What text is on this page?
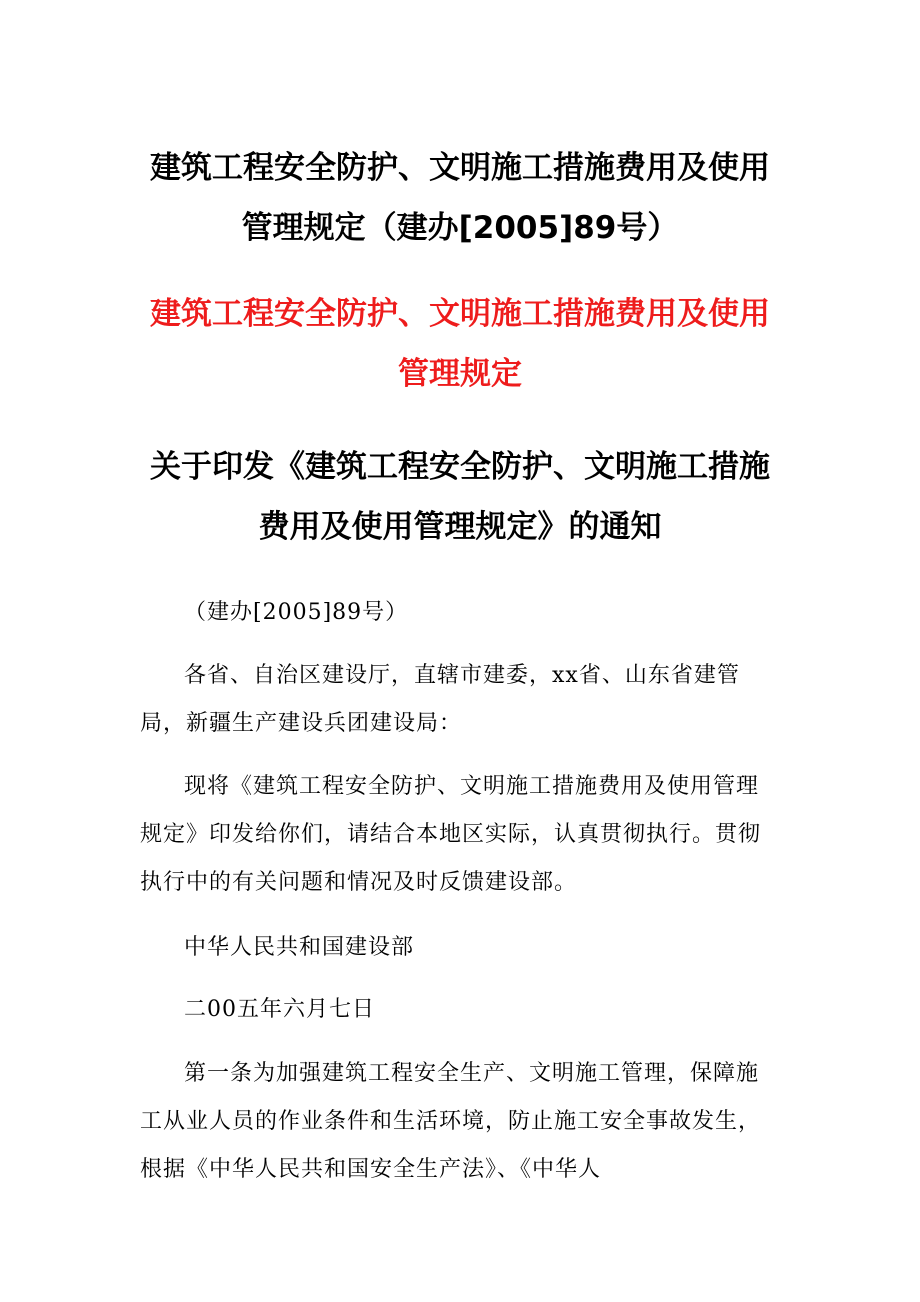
建筑工程安全防护、文明施工措施费用及使用管理规定（建办[2005]89号）
建筑工程安全防护、文明施工措施费用及使用管理规定
关于印发《建筑工程安全防护、文明施工措施费用及使用管理规定》的通知

（建办[2005]89号）

各省、自治区建设厅，直辖市建委，xx省、山东省建管局，新疆生产建设兵团建设局：

现将《建筑工程安全防护、文明施工措施费用及使用管理规定》印发给你们，请结合本地区实际，认真贯彻执行。贯彻执行中的有关问题和情况及时反馈建设部。

中华人民共和国建设部

二00五年六月七日

第一条为加强建筑工程安全生产、文明施工管理，保障施工从业人员的作业条件和生活环境，防止施工安全事故发生，根据《中华人民共和国安全生产法》、《中华人
